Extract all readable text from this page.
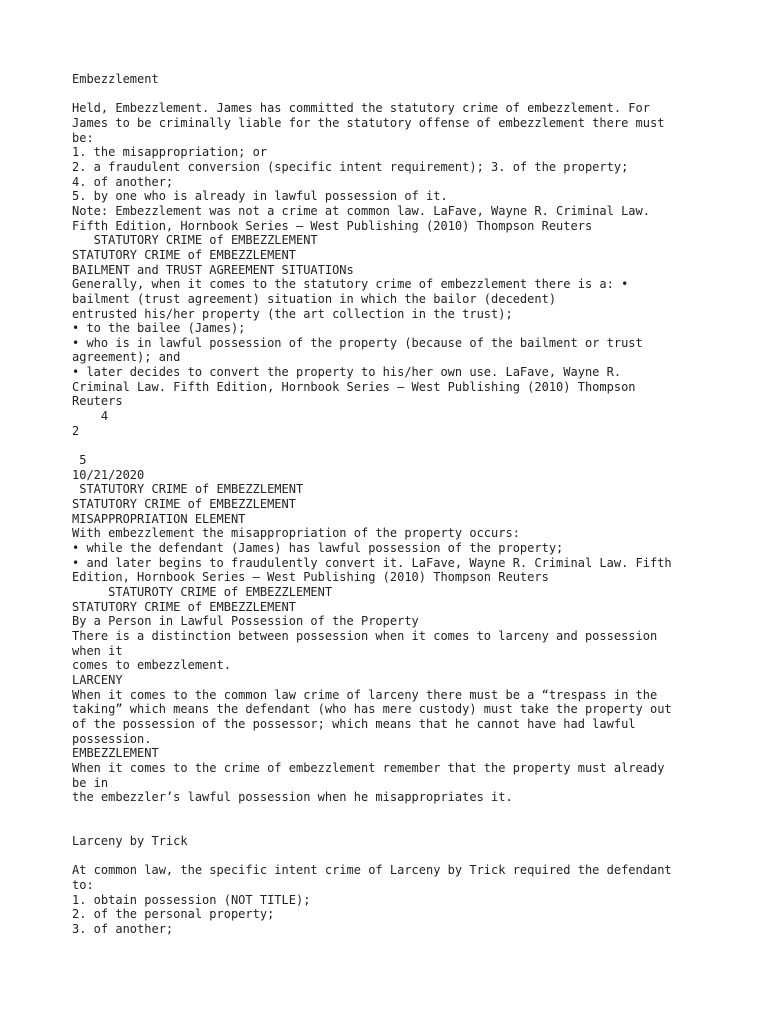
Embezzlement
Held, Embezzlement. James has committed the statutory crime of embezzlement. For
James to be criminally liable for the statutory offense of embezzlement there must
be:
1. the misappropriation; or
2. a fraudulent conversion (specific intent requirement); 3. of the property;
4. of another;
5. by one who is already in lawful possession of it.
Note: Embezzlement was not a crime at common law. LaFave, Wayne R. Criminal Law.
Fifth Edition, Hornbook Series – West Publishing (2010) Thompson Reuters
STATUTORY CRIME of EMBEZZLEMENT
STATUTORY CRIME of EMBEZZLEMENT
BAILMENT and TRUST AGREEMENT SITUATIONs
Generally, when it comes to the statutory crime of embezzlement there is a: •
bailment (trust agreement) situation in which the bailor (decedent)
entrusted his/her property (the art collection in the trust);
• to the bailee (James);
• who is in lawful possession of the property (because of the bailment or trust
agreement); and
• later decides to convert the property to his/her own use. LaFave, Wayne R.
Criminal Law. Fifth Edition, Hornbook Series – West Publishing (2010) Thompson
Reuters
4
2
5
10/21/2020
STATUTORY CRIME of EMBEZZLEMENT
STATUTORY CRIME of EMBEZZLEMENT
MISAPPROPRIATION ELEMENT
With embezzlement the misappropriation of the property occurs:
• while the defendant (James) has lawful possession of the property;
• and later begins to fraudulently convert it. LaFave, Wayne R. Criminal Law. Fifth
Edition, Hornbook Series – West Publishing (2010) Thompson Reuters
STATUROTY CRIME of EMBEZZLEMENT
STATUTORY CRIME of EMBEZZLEMENT
By a Person in Lawful Possession of the Property
There is a distinction between possession when it comes to larceny and possession
when it
comes to embezzlement.
LARCENY
When it comes to the common law crime of larceny there must be a “trespass in the
taking” which means the defendant (who has mere custody) must take the property out
of the possession of the possessor; which means that he cannot have had lawful
possession.
EMBEZZLEMENT
When it comes to the crime of embezzlement remember that the property must already
be in
the embezzler’s lawful possession when he misappropriates it.
Larceny by Trick
At common law, the specific intent crime of Larceny by Trick required the defendant
to:
1. obtain possession (NOT TITLE);
2. of the personal property;
3. of another;
